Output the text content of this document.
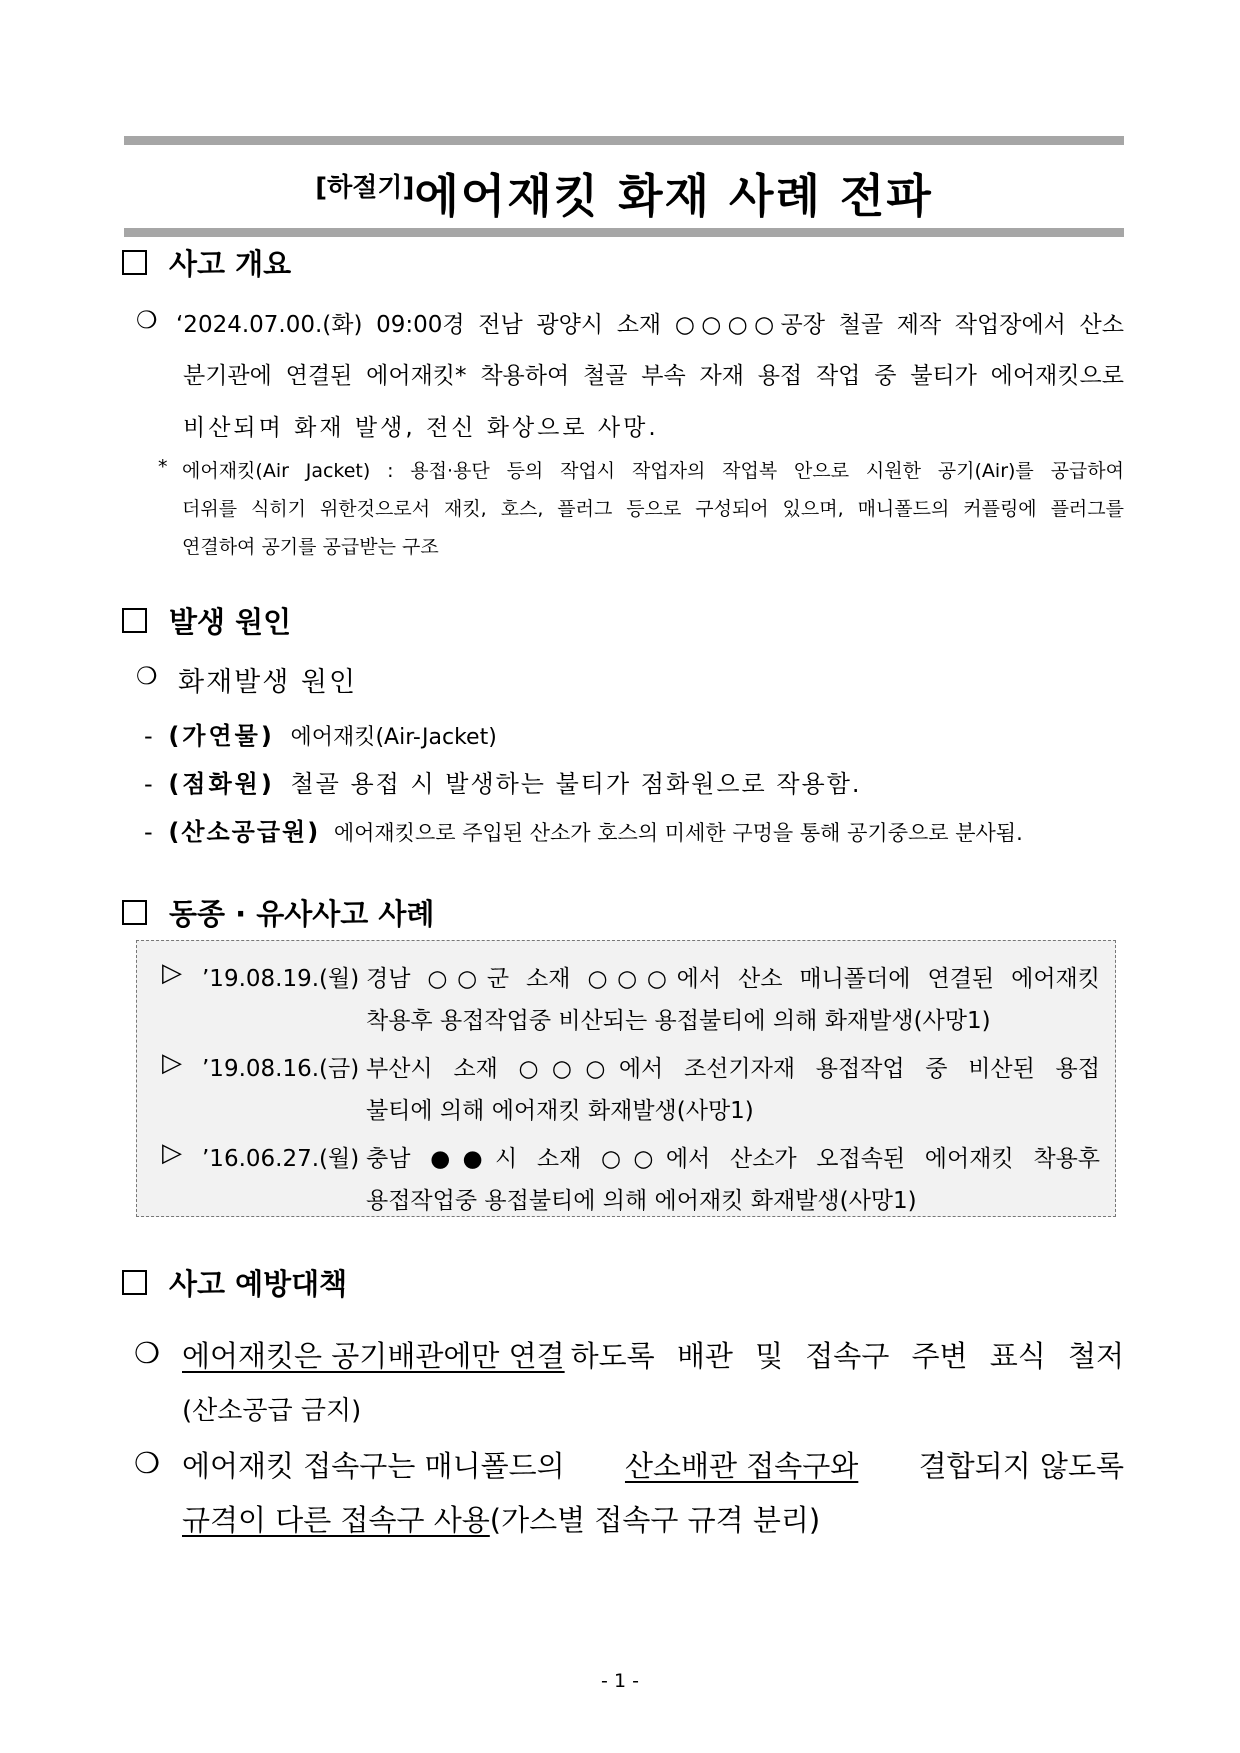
[하절기]에어재킷 화재 사례 전파
사고 개요
❍ ‘2024.07.00.(화) 09:00경 전남 광양시 소재 ○○○○공장 철골 제작 작업장에서 산소
분기관에 연결된 에어재킷* 착용하여 철골 부속 자재 용접 작업 중 불티가 에어재킷으로
비산되며 화재 발생, 전신 화상으로 사망.
* 에어재킷(Air Jacket) : 용접·용단 등의 작업시 작업자의 작업복 안으로 시원한 공기(Air)를 공급하여
더위를 식히기 위한것으로서 재킷, 호스, 플러그 등으로 구성되어 있으며, 매니폴드의 커플링에 플러그를
연결하여 공기를 공급받는 구조
발생 원인
❍ 화재발생 원인
- (가연물) 에어재킷(Air-Jacket)
- (점화원) 철골 용접 시 발생하는 불티가 점화원으로 작용함.
- (산소공급원) 에어재킷으로 주입된 산소가 호스의 미세한 구멍을 통해 공기중으로 분사됨.
동종 · 유사사고 사례
▷ ’19.08.19.(월) 경남 ○○군 소재 ○○○에서 산소 매니폴더에 연결된 에어재킷
착용후 용접작업중 비산되는 용접불티에 의해 화재발생(사망1)
▷ ’19.08.16.(금) 부산시 소재 ○○○에서 조선기자재 용접작업 중 비산된 용접
불티에 의해 에어재킷 화재발생(사망1)
▷ ’16.06.27.(월) 충남 ●●시 소재 ○○에서 산소가 오접속된 에어재킷 착용후
용접작업중 용접불티에 의해 에어재킷 화재발생(사망1)
사고 예방대책
❍ 에어재킷은 공기배관에만 연결 하도록 배관 및 접속구 주변 표식 철저
(산소공급 금지)
❍ 에어재킷 접속구는 매니폴드의 산소배관 접속구와 결합되지 않도록
규격이 다른 접속구 사용(가스별 접속구 규격 분리)
- 1 -
